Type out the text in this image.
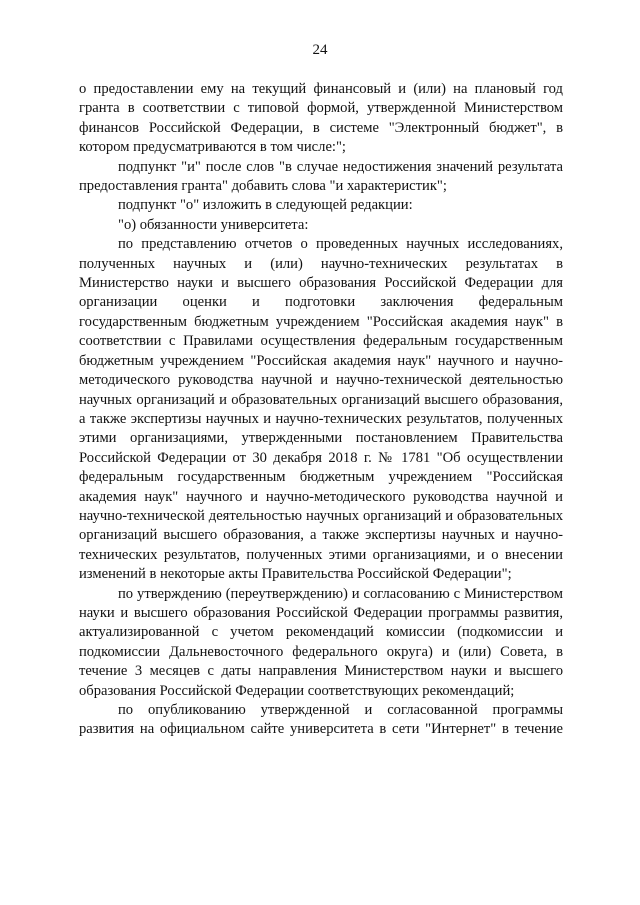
24

о предоставлении ему на текущий финансовый и (или) на плановый год гранта в соответствии с типовой формой, утвержденной Министерством финансов Российской Федерации, в системе "Электронный бюджет", в котором предусматриваются в том числе:";

подпункт "и" после слов "в случае недостижения значений результата предоставления гранта" добавить слова "и характеристик";

подпункт "о" изложить в следующей редакции:

"о) обязанности университета:

по представлению отчетов о проведенных научных исследованиях, полученных научных и (или) научно-технических результатах в Министерство науки и высшего образования Российской Федерации для организации оценки и подготовки заключения федеральным государственным бюджетным учреждением "Российская академия наук" в соответствии с Правилами осуществления федеральным государственным бюджетным учреждением "Российская академия наук" научного и научно-методического руководства научной и научно-технической деятельностью научных организаций и образовательных организаций высшего образования, а также экспертизы научных и научно-технических результатов, полученных этими организациями, утвержденными постановлением Правительства Российской Федерации от 30 декабря 2018 г. № 1781 "Об осуществлении федеральным государственным бюджетным учреждением "Российская академия наук" научного и научно-методического руководства научной и научно-технической деятельностью научных организаций и образовательных организаций высшего образования, а также экспертизы научных и научно-технических результатов, полученных этими организациями, и о внесении изменений в некоторые акты Правительства Российской Федерации";

по утверждению (переутверждению) и согласованию с Министерством науки и высшего образования Российской Федерации программы развития, актуализированной с учетом рекомендаций комиссии (подкомиссии и подкомиссии Дальневосточного федерального округа) и (или) Совета, в течение 3 месяцев с даты направления Министерством науки и высшего образования Российской Федерации соответствующих рекомендаций;

по опубликованию утвержденной и согласованной программы развития на официальном сайте университета в сети "Интернет" в течение
